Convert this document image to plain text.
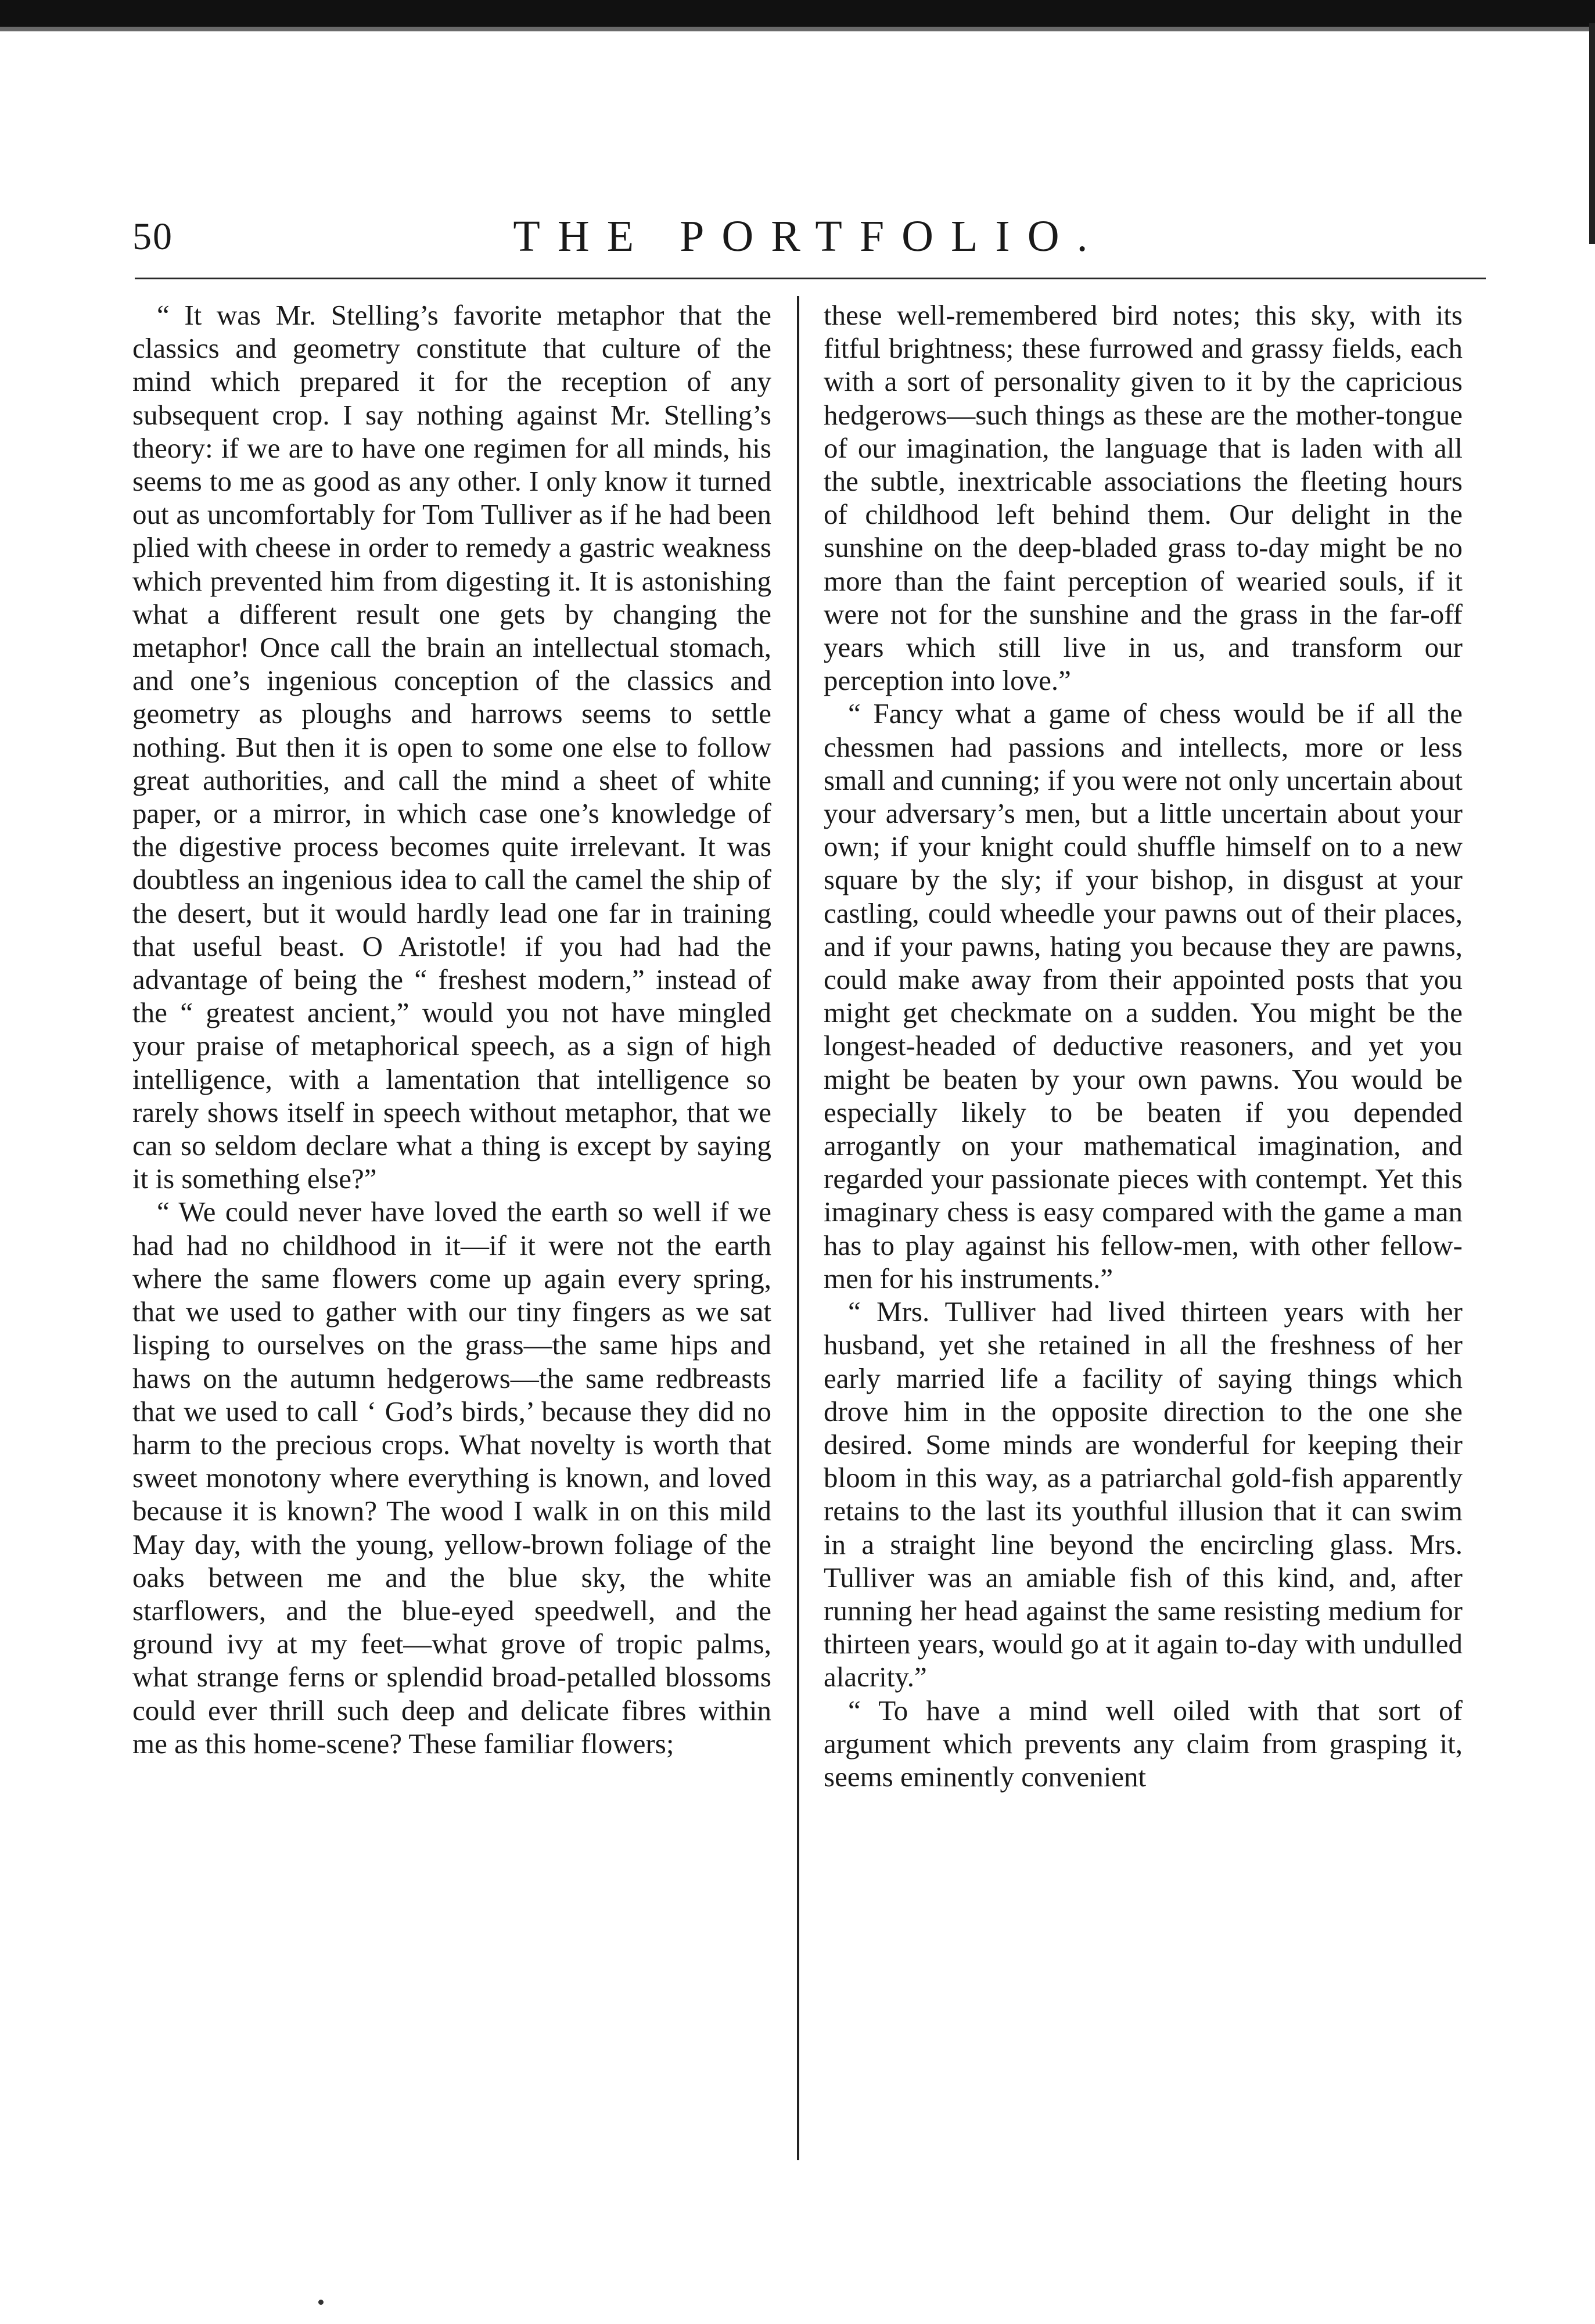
50	THE PORTFOLIO.

“ It was Mr. Stelling’s favorite metaphor that the classics and geometry constitute that culture of the mind which prepared it for the reception of any subsequent crop. I say nothing against Mr. Stelling’s theory: if we are to have one regimen for all minds, his seems to me as good as any other. I only know it turned out as uncomfortably for Tom Tulliver as if he had been plied with cheese in order to remedy a gastric weakness which prevented him from digesting it. It is astonishing what a different result one gets by changing the metaphor! Once call the brain an intellectual stomach, and one’s ingenious conception of the classics and geometry as ploughs and harrows seems to settle nothing. But then it is open to some one else to follow great authorities, and call the mind a sheet of white paper, or a mirror, in which case one’s knowledge of the digestive process becomes quite irrelevant. It was doubtless an ingenious idea to call the camel the ship of the desert, but it would hardly lead one far in training that useful beast. O Aristotle! if you had had the advantage of being the “ freshest modern,” instead of the “ greatest ancient,” would you not have mingled your praise of metaphorical speech, as a sign of high intelligence, with a lamentation that intelligence so rarely shows itself in speech without metaphor, that we can so seldom declare what a thing is except by saying it is something else?”

“ We could never have loved the earth so well if we had had no childhood in it—if it were not the earth where the same flowers come up again every spring, that we used to gather with our tiny fingers as we sat lisping to ourselves on the grass—the same hips and haws on the autumn hedgerows—the same redbreasts that we used to call ‘ God’s birds,’ because they did no harm to the precious crops. What novelty is worth that sweet monotony where everything is known, and loved because it is known? The wood I walk in on this mild May day, with the young, yellow-brown foliage of the oaks between me and the blue sky, the white starflowers, and the blue-eyed speedwell, and the ground ivy at my feet—what grove of tropic palms, what strange ferns or splendid broad-petalled blossoms could ever thrill such deep and delicate fibres within me as this home-scene? These familiar flowers;

these well-remembered bird notes; this sky, with its fitful brightness; these furrowed and grassy fields, each with a sort of personality given to it by the capricious hedgerows—such things as these are the mother-tongue of our imagination, the language that is laden with all the subtle, inextricable associations the fleeting hours of childhood left behind them. Our delight in the sunshine on the deep-bladed grass to-day might be no more than the faint perception of wearied souls, if it were not for the sunshine and the grass in the far-off years which still live in us, and transform our perception into love.”

“ Fancy what a game of chess would be if all the chessmen had passions and intellects, more or less small and cunning; if you were not only uncertain about your adversary’s men, but a little uncertain about your own; if your knight could shuffle himself on to a new square by the sly; if your bishop, in disgust at your castling, could wheedle your pawns out of their places, and if your pawns, hating you because they are pawns, could make away from their appointed posts that you might get checkmate on a sudden. You might be the longest-headed of deductive reasoners, and yet you might be beaten by your own pawns. You would be especially likely to be beaten if you depended arrogantly on your mathematical imagination, and regarded your passionate pieces with contempt. Yet this imaginary chess is easy compared with the game a man has to play against his fellow-men, with other fellow-men for his instruments.”

“ Mrs. Tulliver had lived thirteen years with her husband, yet she retained in all the freshness of her early married life a facility of saying things which drove him in the opposite direction to the one she desired. Some minds are wonderful for keeping their bloom in this way, as a patriarchal gold-fish apparently retains to the last its youthful illusion that it can swim in a straight line beyond the encircling glass. Mrs. Tulliver was an amiable fish of this kind, and, after running her head against the same resisting medium for thirteen years, would go at it again to-day with undulled alacrity.”

“ To have a mind well oiled with that sort of argument which prevents any claim from grasping it, seems eminently convenient
